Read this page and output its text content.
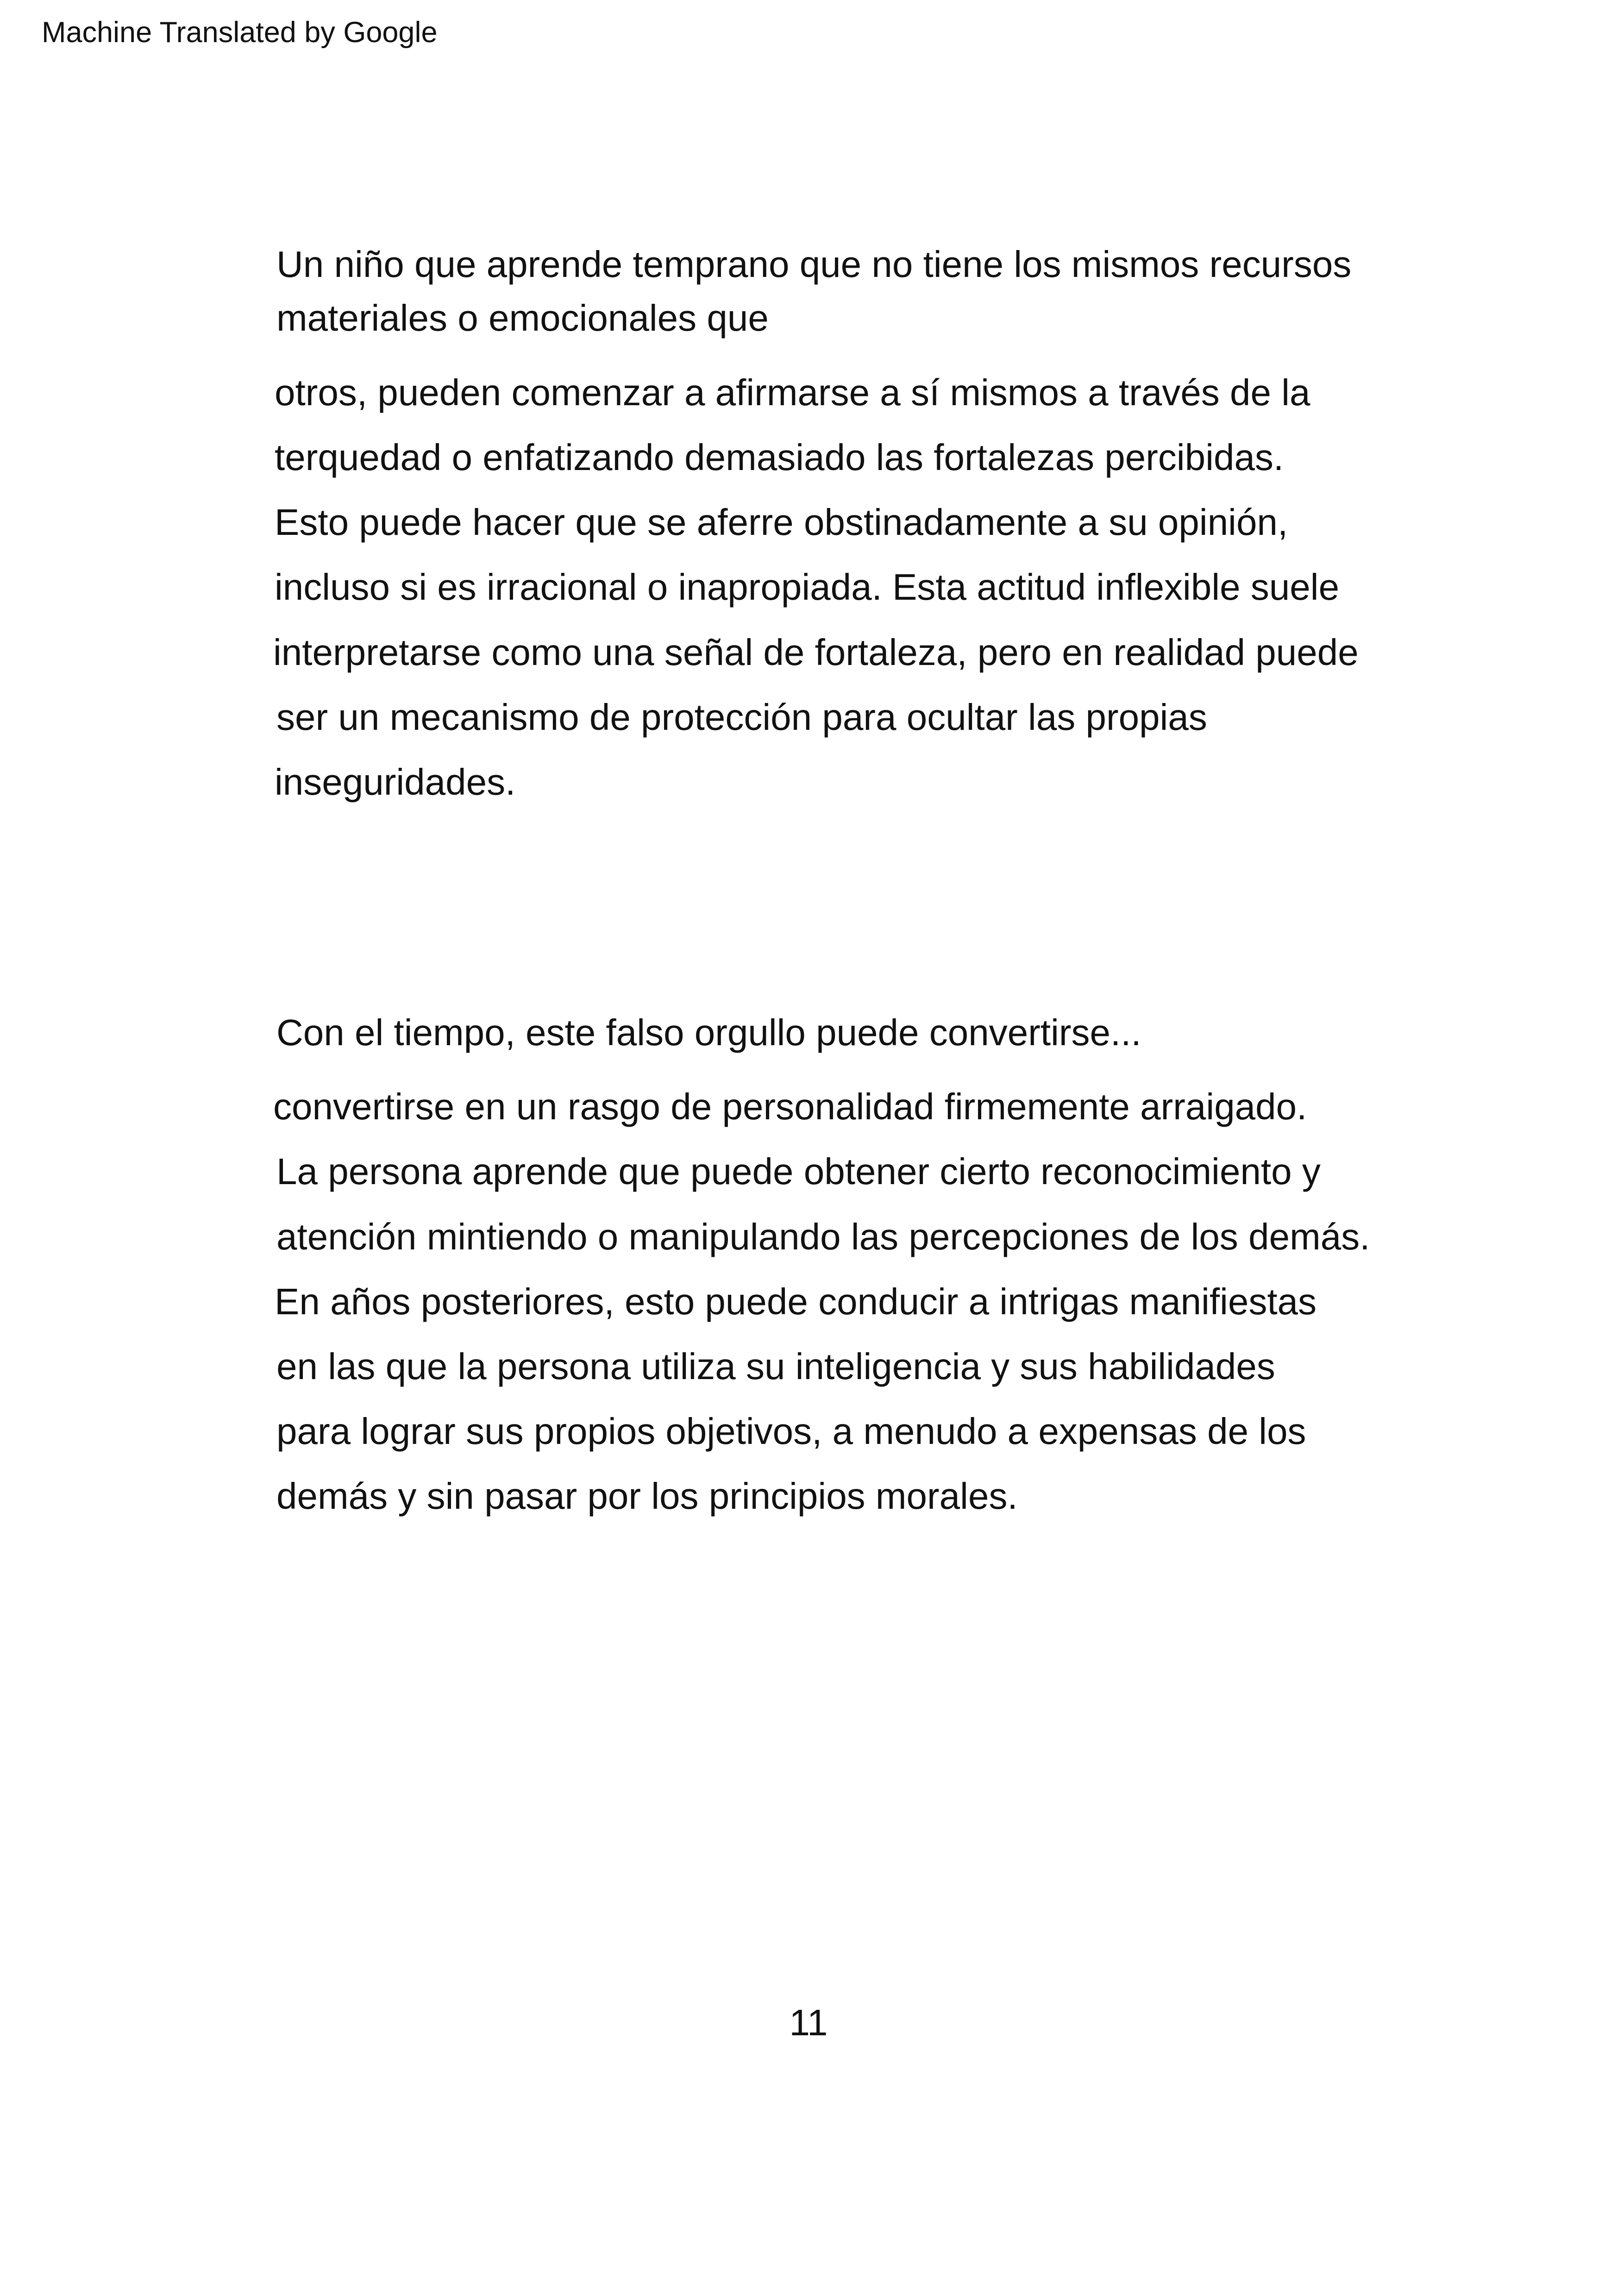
Machine Translated by Google
Un niño que aprende temprano que no tiene los mismos recursos
materiales o emocionales que
otros, pueden comenzar a afirmarse a sí mismos a través de la
terquedad o enfatizando demasiado las fortalezas percibidas.
Esto puede hacer que se aferre obstinadamente a su opinión,
incluso si es irracional o inapropiada. Esta actitud inflexible suele
interpretarse como una señal de fortaleza, pero en realidad puede
ser un mecanismo de protección para ocultar las propias
inseguridades.
Con el tiempo, este falso orgullo puede convertirse...
convertirse en un rasgo de personalidad firmemente arraigado.
La persona aprende que puede obtener cierto reconocimiento y
atención mintiendo o manipulando las percepciones de los demás.
En años posteriores, esto puede conducir a intrigas manifiestas
en las que la persona utiliza su inteligencia y sus habilidades
para lograr sus propios objetivos, a menudo a expensas de los
demás y sin pasar por los principios morales.
11
